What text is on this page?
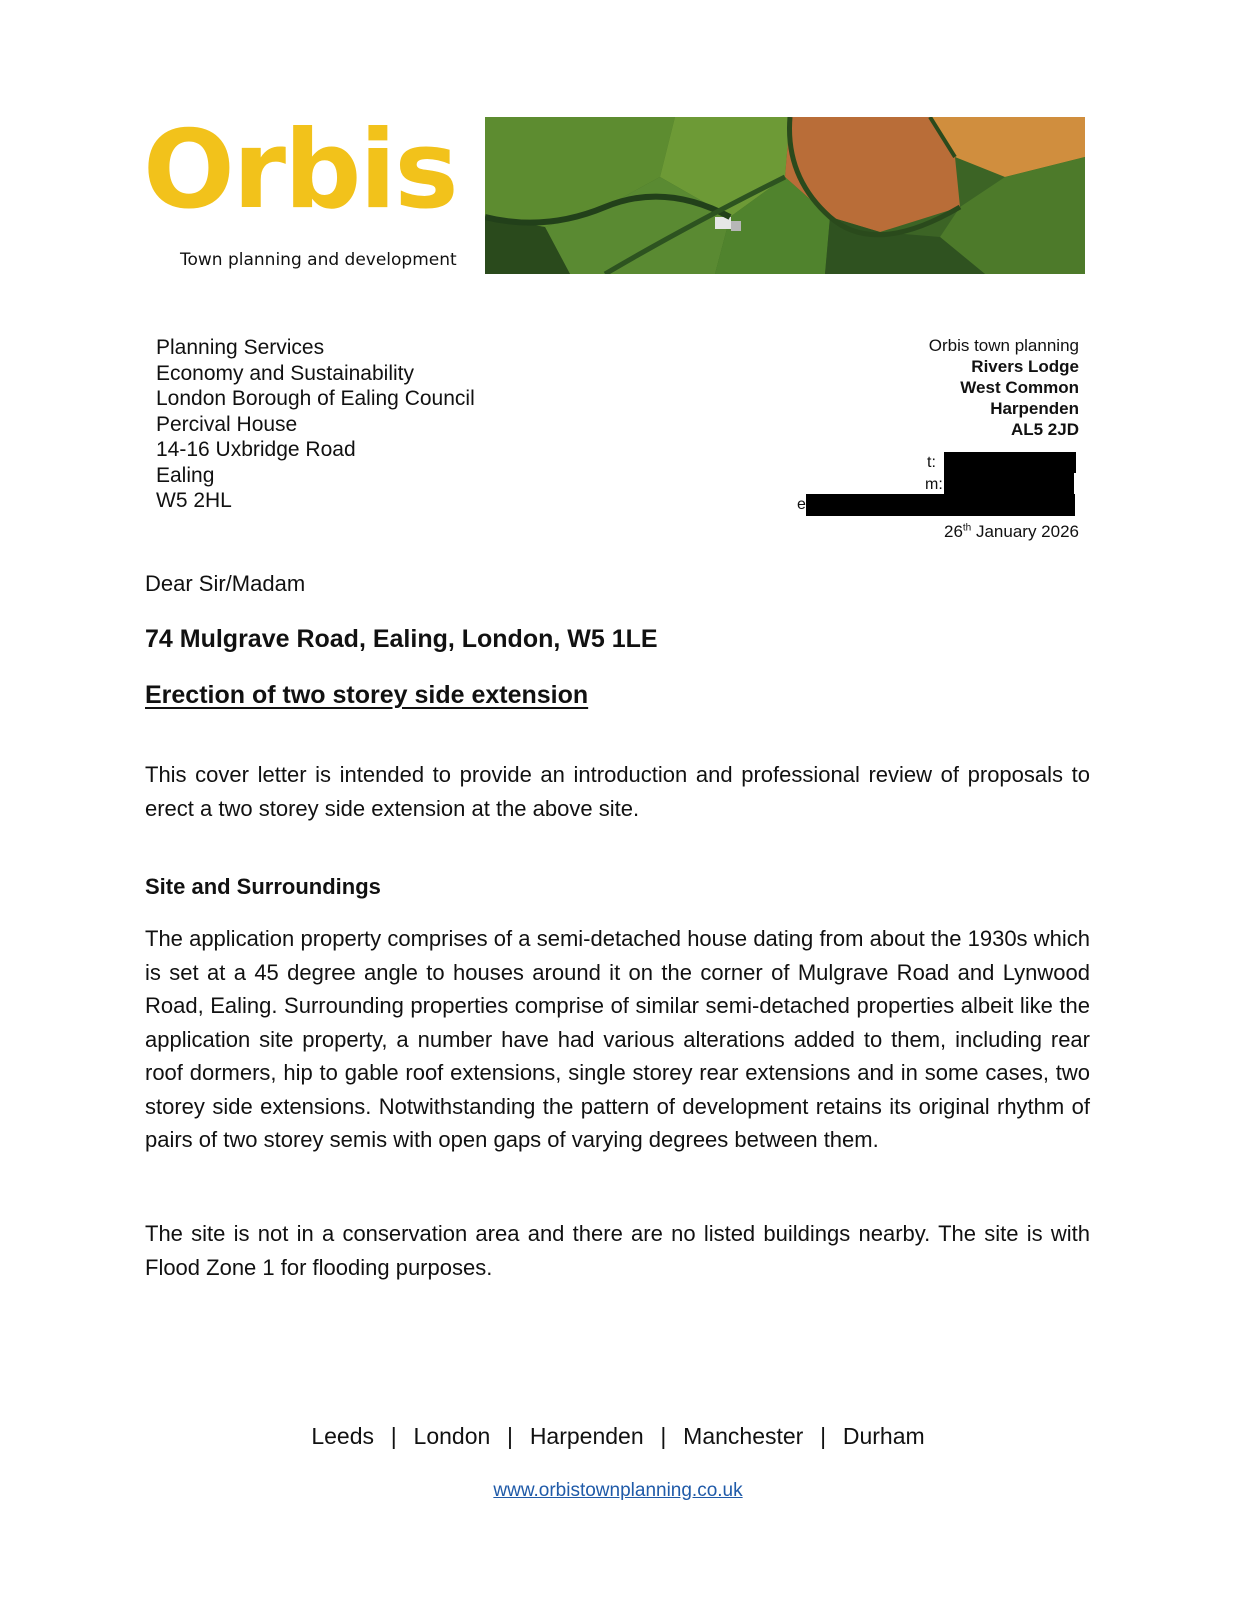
Orbis
Town planning and development
Planning Services
Economy and Sustainability
London Borough of Ealing Council
Percival House
14-16 Uxbridge Road
Ealing
W5 2HL
Orbis town planning
Rivers Lodge
West Common
Harpenden
AL5 2JD
t:
m:
e
26th January 2026
Dear Sir/Madam
74 Mulgrave Road, Ealing, London, W5 1LE
Erection of two storey side extension
This cover letter is intended to provide an introduction and professional review of proposals to erect a two storey side extension at the above site.
Site and Surroundings
The application property comprises of a semi-detached house dating from about the 1930s which is set at a 45 degree angle to houses around it on the corner of Mulgrave Road and Lynwood Road, Ealing. Surrounding properties comprise of similar semi-detached properties albeit like the application site property, a number have had various alterations added to them, including rear roof dormers, hip to gable roof extensions, single storey rear extensions and in some cases, two storey side extensions. Notwithstanding the pattern of development retains its original rhythm of pairs of two storey semis with open gaps of varying degrees between them.
The site is not in a conservation area and there are no listed buildings nearby. The site is with Flood Zone 1 for flooding purposes.
Leeds  |  London  |  Harpenden  |  Manchester  |  Durham
www.orbistownplanning.co.uk
